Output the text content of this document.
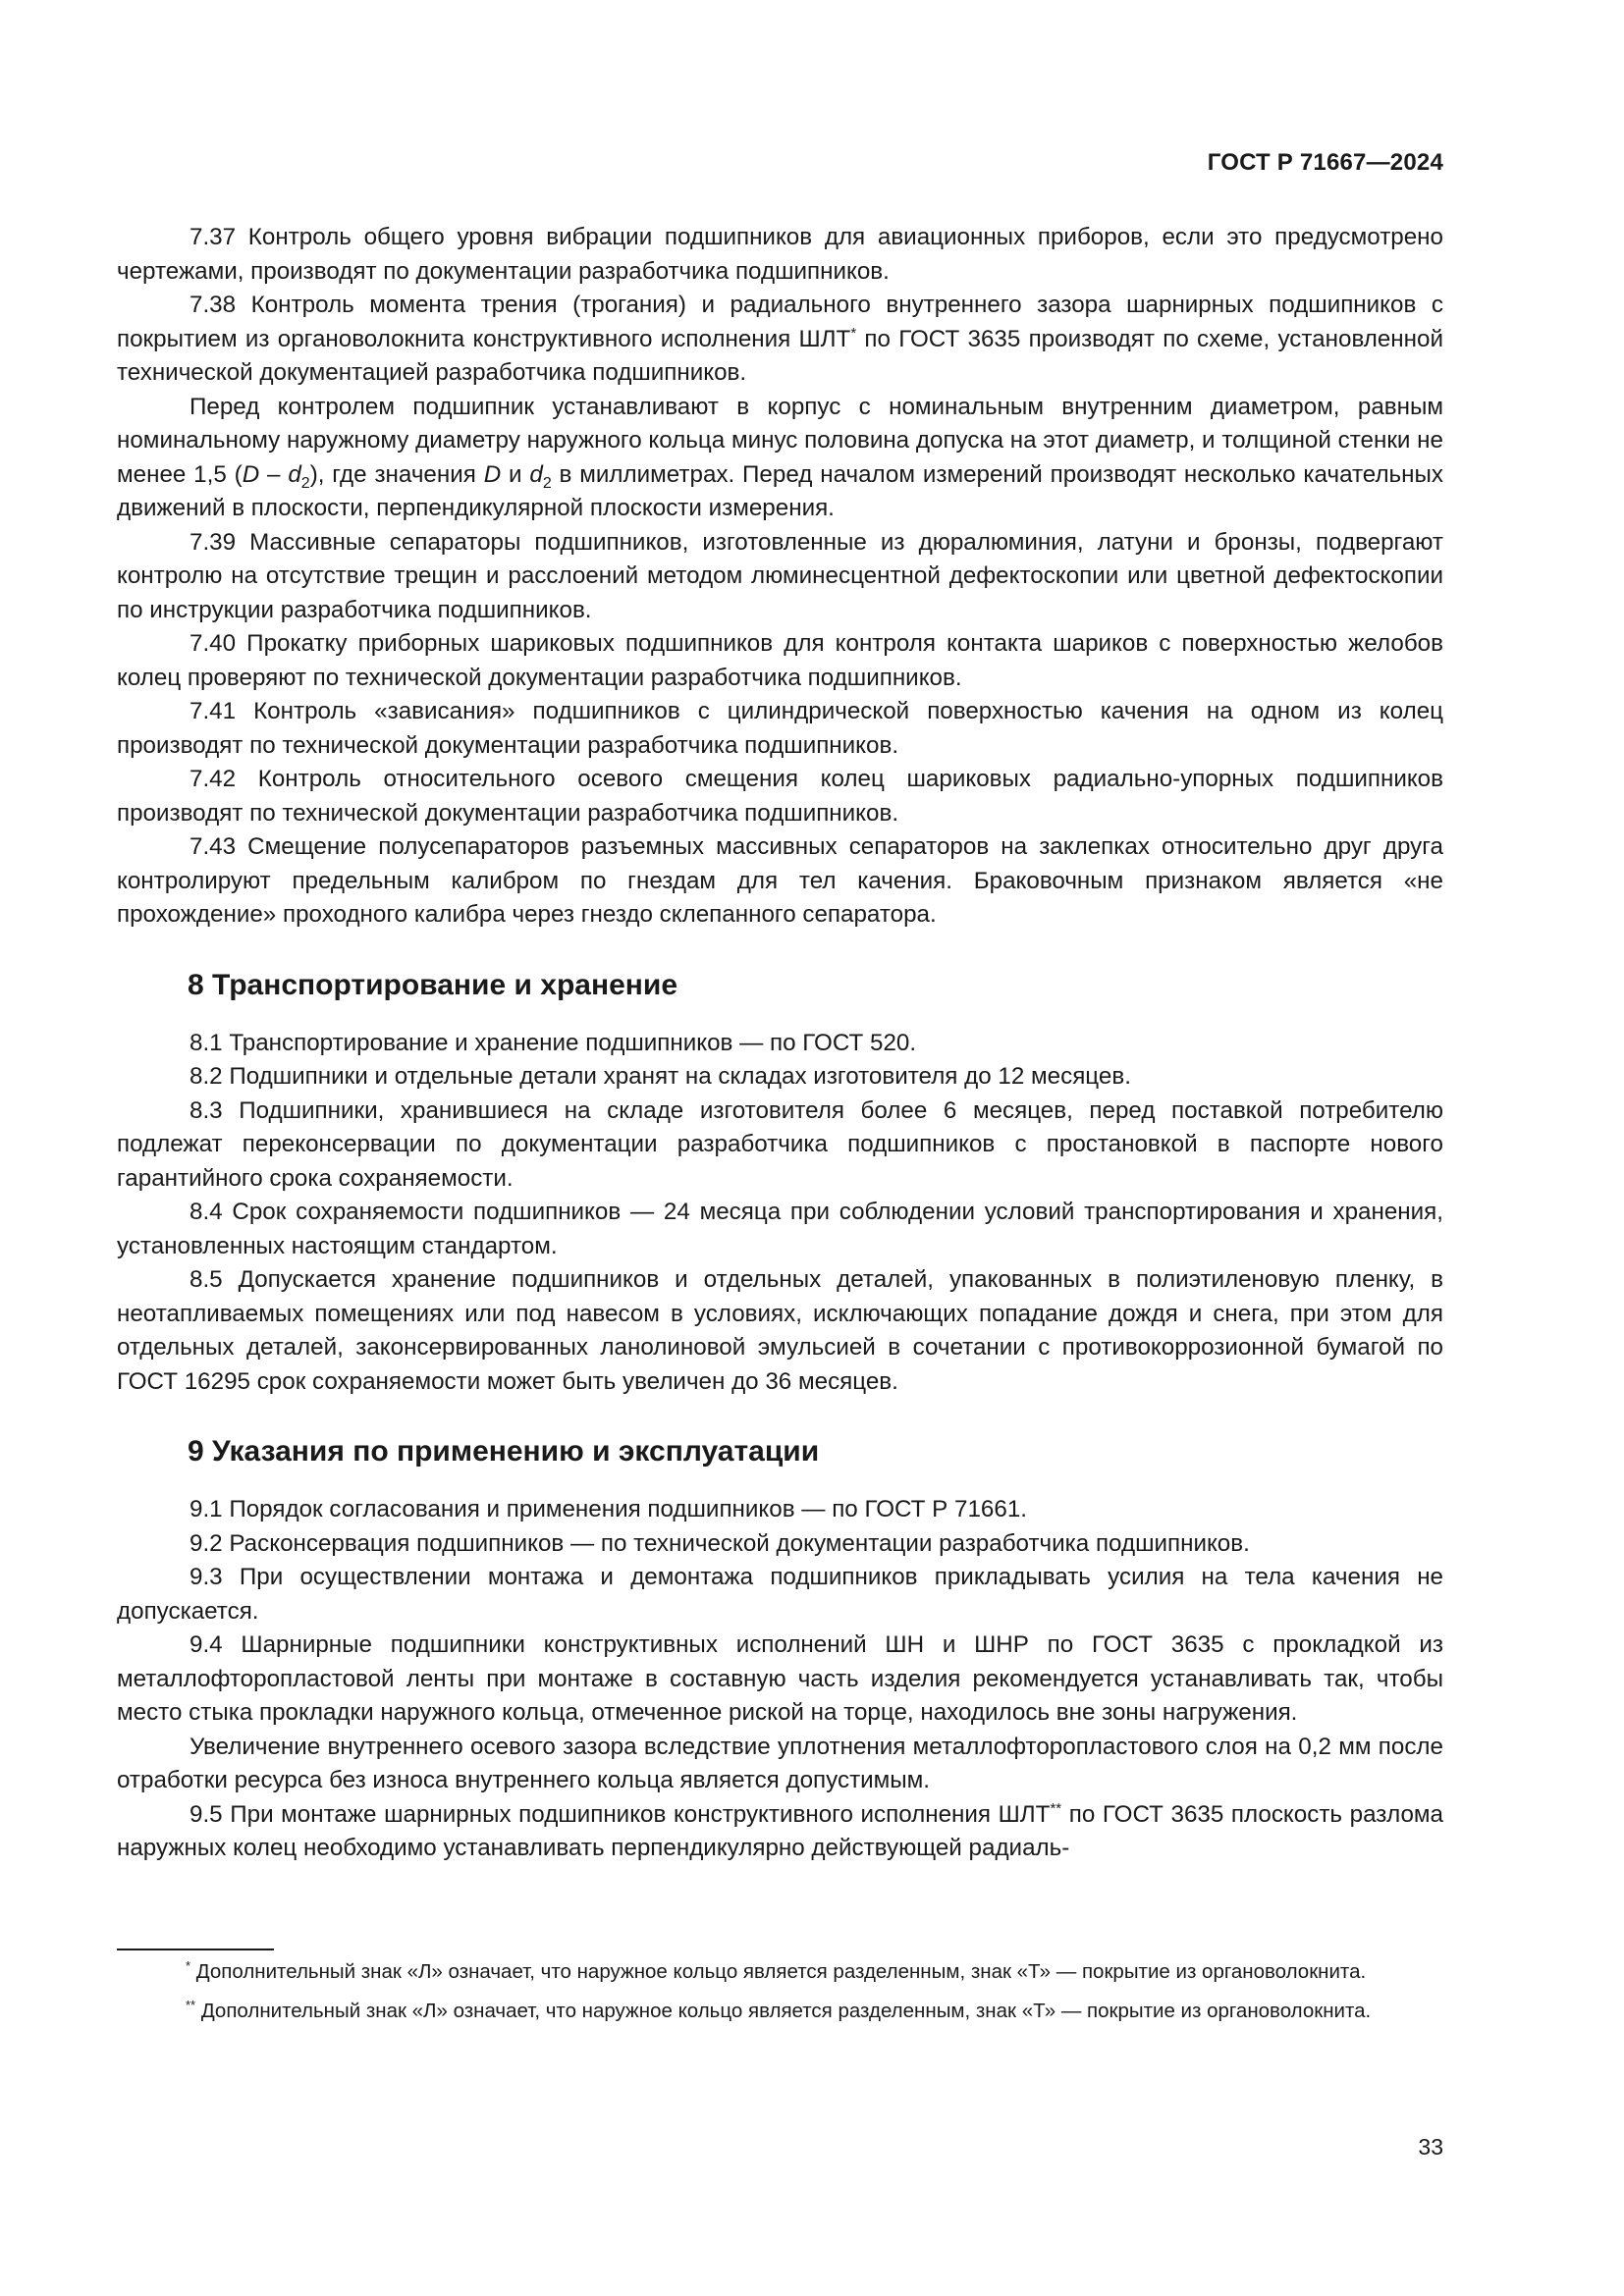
ГОСТ Р 71667—2024

7.37 Контроль общего уровня вибрации подшипников для авиационных приборов, если это предусмотрено чертежами, производят по документации разработчика подшипников.

7.38 Контроль момента трения (трогания) и радиального внутреннего зазора шарнирных подшипников с покрытием из органоволокнита конструктивного исполнения ШЛТ* по ГОСТ 3635 производят по схеме, установленной технической документацией разработчика подшипников.

Перед контролем подшипник устанавливают в корпус с номинальным внутренним диаметром, равным номинальному наружному диаметру наружного кольца минус половина допуска на этот диаметр, и толщиной стенки не менее 1,5 $(D - d_2)$, где значения D и $d_2$ в миллиметрах. Перед началом измерений производят несколько качательных движений в плоскости, перпендикулярной плоскости измерения.

7.39 Массивные сепараторы подшипников, изготовленные из дюралюминия, латуни и бронзы, подвергают контролю на отсутствие трещин и расслоений методом люминесцентной дефектоскопии или цветной дефектоскопии по инструкции разработчика подшипников.

7.40 Прокатку приборных шариковых подшипников для контроля контакта шариков с поверхностью желобов колец проверяют по технической документации разработчика подшипников.

7.41 Контроль «зависания» подшипников с цилиндрической поверхностью качения на одном из колец производят по технической документации разработчика подшипников.

7.42 Контроль относительного осевого смещения колец шариковых радиально-упорных подшипников производят по технической документации разработчика подшипников.

7.43 Смещение полусепараторов разъемных массивных сепараторов на заклепках относительно друг друга контролируют предельным калибром по гнездам для тел качения. Браковочным признаком является «не прохождение» проходного калибра через гнездо склепанного сепаратора.

8 Транспортирование и хранение

8.1 Транспортирование и хранение подшипников — по ГОСТ 520.

8.2 Подшипники и отдельные детали хранят на складах изготовителя до 12 месяцев.

8.3 Подшипники, хранившиеся на складе изготовителя более 6 месяцев, перед поставкой потребителю подлежат переконсервации по документации разработчика подшипников с простановкой в паспорте нового гарантийного срока сохраняемости.

8.4 Срок сохраняемости подшипников — 24 месяца при соблюдении условий транспортирования и хранения, установленных настоящим стандартом.

8.5 Допускается хранение подшипников и отдельных деталей, упакованных в полиэтиленовую пленку, в неотапливаемых помещениях или под навесом в условиях, исключающих попадание дождя и снега, при этом для отдельных деталей, законсервированных ланолиновой эмульсией в сочетании с противокоррозионной бумагой по ГОСТ 16295 срок сохраняемости может быть увеличен до 36 месяцев.

9 Указания по применению и эксплуатации

9.1 Порядок согласования и применения подшипников — по ГОСТ Р 71661.

9.2 Расконсервация подшипников — по технической документации разработчика подшипников.

9.3 При осуществлении монтажа и демонтажа подшипников прикладывать усилия на тела качения не допускается.

9.4 Шарнирные подшипники конструктивных исполнений ШН и ШНР по ГОСТ 3635 с прокладкой из металлофторопластовой ленты при монтаже в составную часть изделия рекомендуется устанавливать так, чтобы место стыка прокладки наружного кольца, отмеченное риской на торце, находилось вне зоны нагружения.

Увеличение внутреннего осевого зазора вследствие уплотнения металлофторопластового слоя на 0,2 мм после отработки ресурса без износа внутреннего кольца является допустимым.

9.5 При монтаже шарнирных подшипников конструктивного исполнения ШЛТ** по ГОСТ 3635 плоскость разлома наружных колец необходимо устанавливать перпендикулярно действующей радиаль-

* Дополнительный знак «Л» означает, что наружное кольцо является разделенным, знак «Т» — покрытие из органоволокнита.

** Дополнительный знак «Л» означает, что наружное кольцо является разделенным, знак «Т» — покрытие из органоволокнита.

33
